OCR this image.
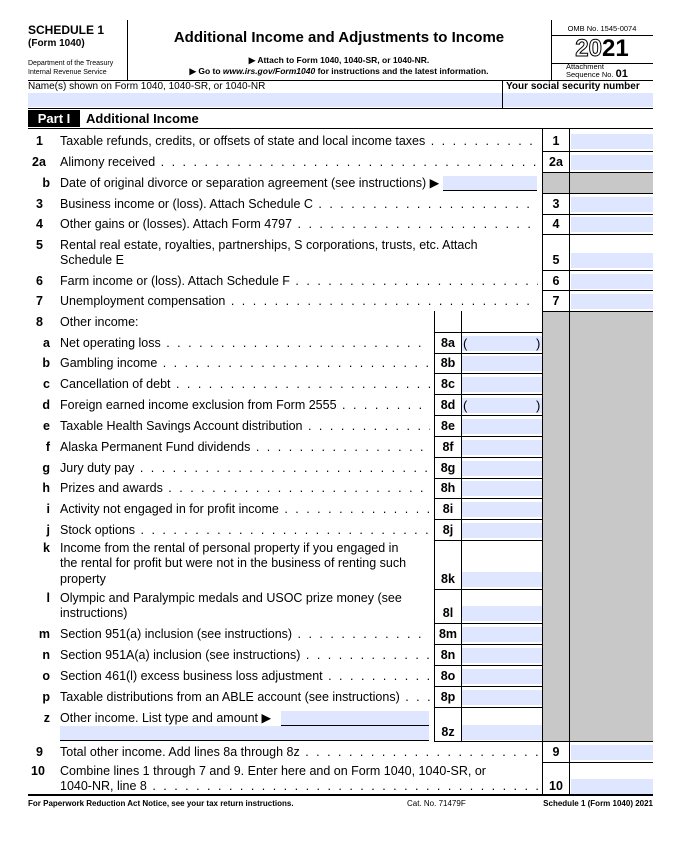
SCHEDULE 1
(Form 1040)
Department of the Treasury
Internal Revenue Service
Additional Income and Adjustments to Income
▶ Attach to Form 1040, 1040-SR, or 1040-NR.
▶ Go to www.irs.gov/Form1040 for instructions and the latest information.
OMB No. 1545-0074
2021
Attachment
Sequence No. 01
Name(s) shown on Form 1040, 1040-SR, or 1040-NR	Your social security number
Part I	Additional Income
1 Taxable refunds, credits, or offsets of state and local income taxes . . .	1
2a Alimony received . . .	2a
b Date of original divorce or separation agreement (see instructions) ▶
3 Business income or (loss). Attach Schedule C . . .	3
4 Other gains or (losses). Attach Form 4797 . . .	4
5 Rental real estate, royalties, partnerships, S corporations, trusts, etc. Attach
Schedule E	5
6 Farm income or (loss). Attach Schedule F . . .	6
7 Unemployment compensation . . .	7
8 Other income:
a Net operating loss . . .	8a (	)
b Gambling income . . .	8b
c Cancellation of debt . . .	8c
d Foreign earned income exclusion from Form 2555 . . .	8d (	)
e Taxable Health Savings Account distribution . . .	8e
f Alaska Permanent Fund dividends . . .	8f
g Jury duty pay . . .	8g
h Prizes and awards . . .	8h
i Activity not engaged in for profit income . . .	8i
j Stock options . . .	8j
k Income from the rental of personal property if you engaged in
the rental for profit but were not in the business of renting such
property	8k
l Olympic and Paralympic medals and USOC prize money (see
instructions)	8l
m Section 951(a) inclusion (see instructions) . . .	8m
n Section 951A(a) inclusion (see instructions) . . .	8n
o Section 461(l) excess business loss adjustment . . .	8o
p Taxable distributions from an ABLE account (see instructions) . . .	8p
z Other income. List type and amount ▶
8z
9 Total other income. Add lines 8a through 8z . . .	9
10 Combine lines 1 through 7 and 9. Enter here and on Form 1040, 1040-SR, or
1040-NR, line 8 . . .	10
For Paperwork Reduction Act Notice, see your tax return instructions.	Cat. No. 71479F	Schedule 1 (Form 1040) 2021
